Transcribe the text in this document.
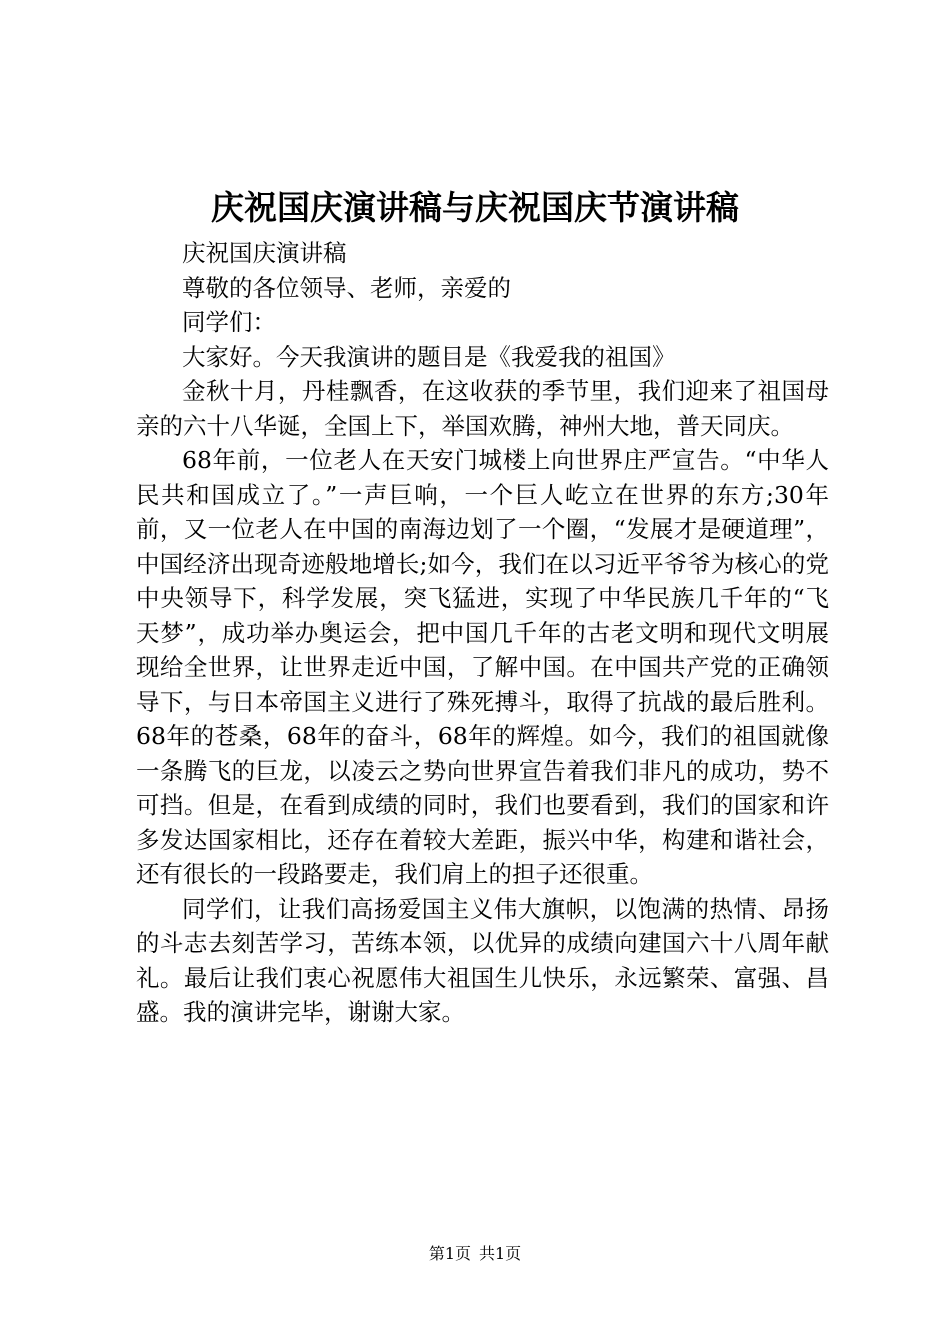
庆祝国庆演讲稿与庆祝国庆节演讲稿

庆祝国庆演讲稿

尊敬的各位领导、老师，亲爱的

同学们：

大家好。今天我演讲的题目是《我爱我的祖国》

金秋十月，丹桂飘香，在这收获的季节里，我们迎来了祖国母亲的六十八华诞，全国上下，举国欢腾，神州大地，普天同庆。

68年前，一位老人在天安门城楼上向世界庄严宣告。“中华人民共和国成立了。”一声巨响，一个巨人屹立在世界的东方;30年前，又一位老人在中国的南海边划了一个圈，“发展才是硬道理”，中国经济出现奇迹般地增长;如今，我们在以习近平爷爷为核心的党中央领导下，科学发展，突飞猛进，实现了中华民族几千年的“飞天梦”，成功举办奥运会，把中国几千年的古老文明和现代文明展现给全世界，让世界走近中国，了解中国。在中国共产党的正确领导下，与日本帝国主义进行了殊死搏斗，取得了抗战的最后胜利。68年的苍桑，68年的奋斗，68年的辉煌。如今，我们的祖国就像一条腾飞的巨龙，以凌云之势向世界宣告着我们非凡的成功，势不可挡。但是，在看到成绩的同时，我们也要看到，我们的国家和许多发达国家相比，还存在着较大差距，振兴中华，构建和谐社会，还有很长的一段路要走，我们肩上的担子还很重。

同学们，让我们高扬爱国主义伟大旗帜，以饱满的热情、昂扬的斗志去刻苦学习，苦练本领，以优异的成绩向建国六十八周年献礼。最后让我们衷心祝愿伟大祖国生儿快乐，永远繁荣、富强、昌盛。我的演讲完毕，谢谢大家。

第1页 共1页
